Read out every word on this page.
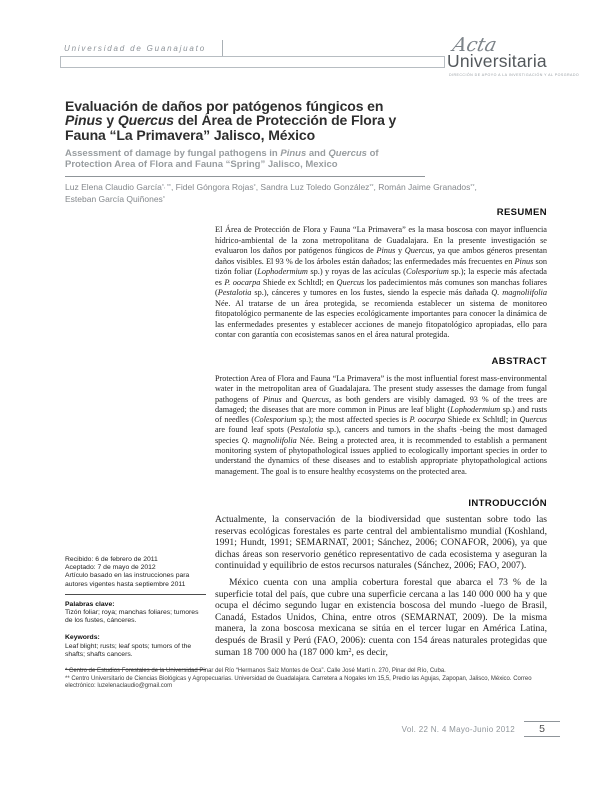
Universidad de Guanajuato	Acta
Universitaria
DIRECCIÓN DE APOYO A LA INVESTIGACIÓN Y AL POSGRADO
Evaluación de daños por patógenos fúngicos en
Pinus y Quercus del Área de Protección de Flora y
Fauna “La Primavera” Jalisco, México
Assessment of damage by fungal pathogens in Pinus and Quercus of
Protection Area of Flora and Fauna “Spring” Jalisco, Mexico
Luz Elena Claudio García*, **, Fidel Góngora Rojas*, Sandra Luz Toledo González**, Román Jaime Granados**, Esteban García Quiñones*
RESUMEN
El Área de Protección de Flora y Fauna “La Primavera” es la masa boscosa con mayor influencia hídrico-ambiental de la zona metropolitana de Guadalajara. En la presente investigación se evaluaron los daños por patógenos fúngicos de Pinus y Quercus, ya que ambos géneros presentan daños visibles. El 93 % de los árboles están dañados; las enfermedades más frecuentes en Pinus son tizón foliar (Lophodermium sp.) y royas de las acículas (Colesporium sp.); la especie más afectada es P. oocarpa Shiede ex Schltdl; en Quercus los padecimientos más comunes son manchas foliares (Pestalotia sp.), cánceres y tumores en los fustes, siendo la especie más dañada Q. magnoliifolia Née. Al tratarse de un área protegida, se recomienda establecer un sistema de monitoreo fitopatológico permanente de las especies ecológicamente importantes para conocer la dinámica de las enfermedades presentes y establecer acciones de manejo fitopatológico apropiadas, ello para contar con garantía con ecosistemas sanos en el área natural protegida.
ABSTRACT
Protection Area of Flora and Fauna “La Primavera” is the most influential forest mass-environmental water in the metropolitan area of Guadalajara. The present study assesses the damage from fungal pathogens of Pinus and Quercus, as both genders are visibly damaged. 93 % of the trees are damaged; the diseases that are more common in Pinus are leaf blight (Lophodermium sp.) and rusts of needles (Colesporium sp.); the most affected species is P. oocarpa Shiede ex Schltdl; in Quercus are found leaf spots (Pestalotia sp.), cancers and tumors in the shafts -being the most damaged species Q. magnoliifolia Née. Being a protected area, it is recommended to establish a permanent monitoring system of phytopathological issues applied to ecologically important species in order to understand the dynamics of these diseases and to establish appropriate phytopathological actions management. The goal is to ensure healthy ecosystems on the protected area.
INTRODUCCIÓN
Actualmente, la conservación de la biodiversidad que sustentan sobre todo las reservas ecológicas forestales es parte central del ambientalismo mundial (Koshland, 1991; Hundt, 1991; SEMARNAT, 2001; Sánchez, 2006; CONAFOR, 2006), ya que dichas áreas son reservorio genético representativo de cada ecosistema y aseguran la continuidad y equilibrio de estos recursos naturales (Sánchez, 2006; FAO, 2007).
México cuenta con una amplia cobertura forestal que abarca el 73 % de la superficie total del país, que cubre una superficie cercana a las 140 000 000 ha y que ocupa el décimo segundo lugar en existencia boscosa del mundo -luego de Brasil, Canadá, Estados Unidos, China, entre otros (SEMARNAT, 2009). De la misma manera, la zona boscosa mexicana se sitúa en el tercer lugar en América Latina, después de Brasil y Perú (FAO, 2006): cuenta con 154 áreas naturales protegidas que suman 18 700 000 ha (187 000 $km^2$, es decir,
Recibido: 6 de febrero de 2011
Aceptado: 7 de mayo de 2012
Artículo basado en las instrucciones para autores vigentes hasta septiembre 2011
Palabras clave:
Tizón foliar; roya; manchas foliares; tumores de los fustes, cánceres.
Keywords:
Leaf blight; rusts; leaf spots; tumors of the shafts; shafts cancers.

* Centro de Estudios Forestales de la Universidad Pinar del Río “Hermanos Saíz Montes de Oca”. Calle José Martí n. 270, Pinar del Río, Cuba.

** Centro Universitario de Ciencias Biológicas y Agropecuarias. Universidad de Guadalajara. Carretera a Nogales km 15,5, Predio las Agujas, Zapopan, Jalisco, México. Correo electrónico: luzelenaclaudio@gmail.com

Vol. 22 N. 4 Mayo-Junio 2012	5
